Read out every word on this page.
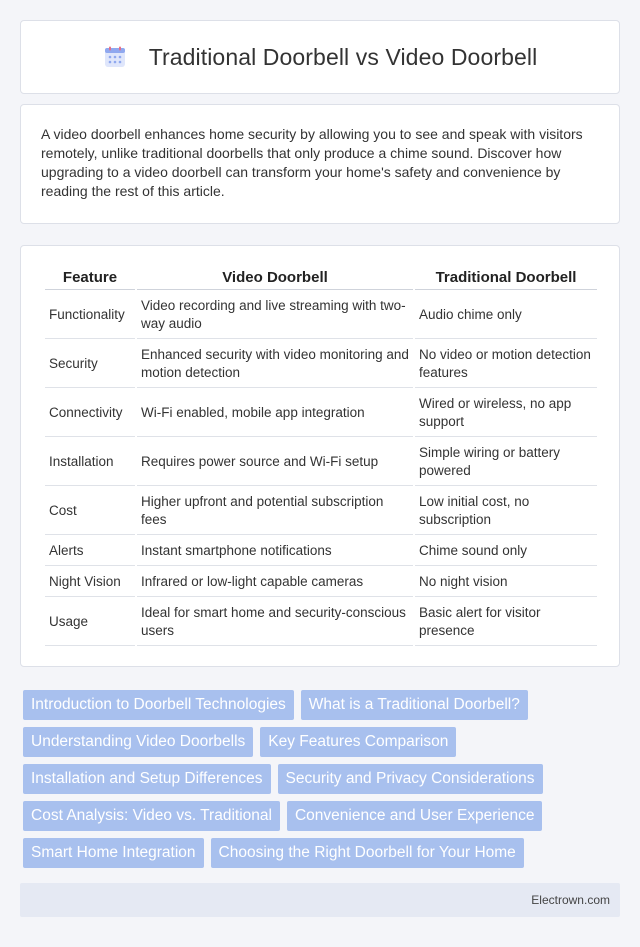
Traditional Doorbell vs Video Doorbell

A video doorbell enhances home security by allowing you to see and speak with visitors remotely, unlike traditional doorbells that only produce a chime sound. Discover how upgrading to a video doorbell can transform your home's safety and convenience by reading the rest of this article.

Feature	Video Doorbell	Traditional Doorbell
Functionality	Video recording and live streaming with two-way audio	Audio chime only
Security	Enhanced security with video monitoring and motion detection	No video or motion detection features
Connectivity	Wi-Fi enabled, mobile app integration	Wired or wireless, no app support
Installation	Requires power source and Wi-Fi setup	Simple wiring or battery powered
Cost	Higher upfront and potential subscription fees	Low initial cost, no subscription
Alerts	Instant smartphone notifications	Chime sound only
Night Vision	Infrared or low-light capable cameras	No night vision
Usage	Ideal for smart home and security-conscious users	Basic alert for visitor presence
Introduction to Doorbell Technologies	What is a Traditional Doorbell?
Understanding Video Doorbells	Key Features Comparison
Installation and Setup Differences	Security and Privacy Considerations
Cost Analysis: Video vs. Traditional	Convenience and User Experience
Smart Home Integration	Choosing the Right Doorbell for Your Home
Electrown.com
